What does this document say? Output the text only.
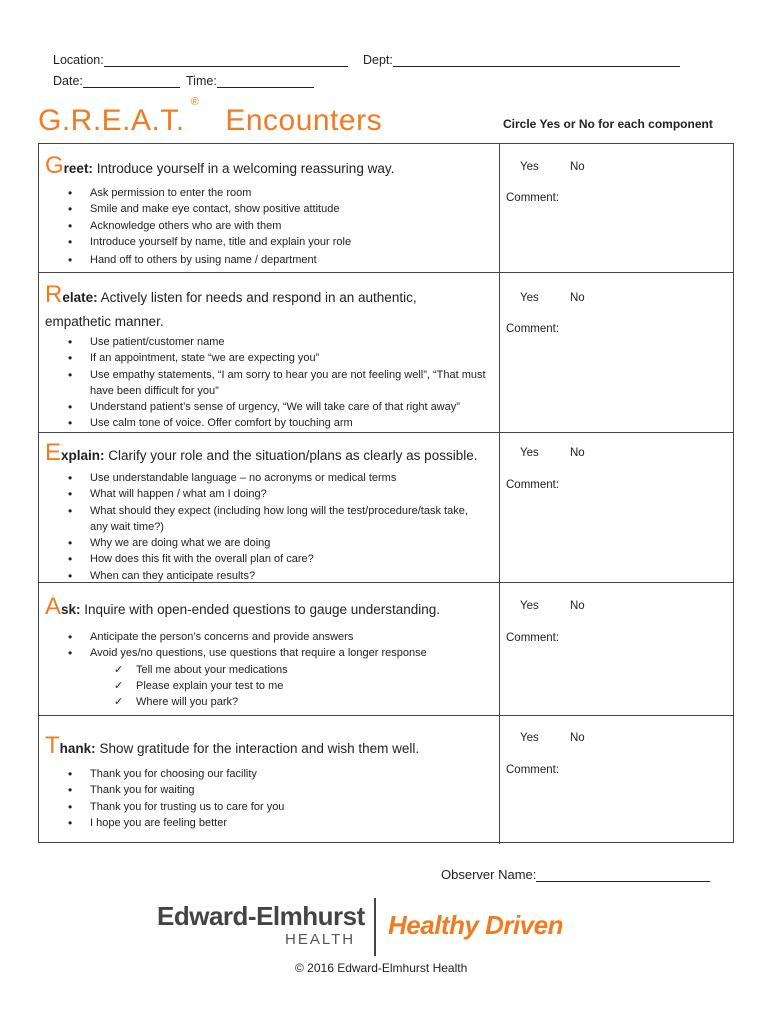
Location:	Dept:
Date:	Time:
G.R.E.A.T.®Encounters	Circle Yes or No for each component
Greet: Introduce yourself in a welcoming reassuring way.
• Ask permission to enter the room
• Smile and make eye contact, show positive attitude
• Acknowledge others who are with them
• Introduce yourself by name, title and explain your role
• Hand off to others by using name / department
Yes	No
Comment:
Relate: Actively listen for needs and respond in an authentic,
empathetic manner.
• Use patient/customer name
• If an appointment, state “we are expecting you”
• Use empathy statements, “I am sorry to hear you are not feeling well”, “That must have been difficult for you”
• Understand patient’s sense of urgency, “We will take care of that right away”
• Use calm tone of voice. Offer comfort by touching arm
Yes	No
Comment:
Explain: Clarify your role and the situation/plans as clearly as possible.
• Use understandable language – no acronyms or medical terms
• What will happen / what am I doing?
• What should they expect (including how long will the test/procedure/task take, any wait time?)
• Why we are doing what we are doing
• How does this fit with the overall plan of care?
• When can they anticipate results?
Yes	No
Comment:
Ask: Inquire with open-ended questions to gauge understanding.
• Anticipate the person’s concerns and provide answers
• Avoid yes/no questions, use questions that require a longer response
✓ Tell me about your medications
✓ Please explain your test to me
✓ Where will you park?
Yes	No
Comment:
Thank: Show gratitude for the interaction and wish them well.
• Thank you for choosing our facility
• Thank you for waiting
• Thank you for trusting us to care for you
• I hope you are feeling better
Yes	No
Comment:
Observer Name:
Edward-Elmhurst
HEALTH Healthy Driven
© 2016 Edward-Elmhurst Health
